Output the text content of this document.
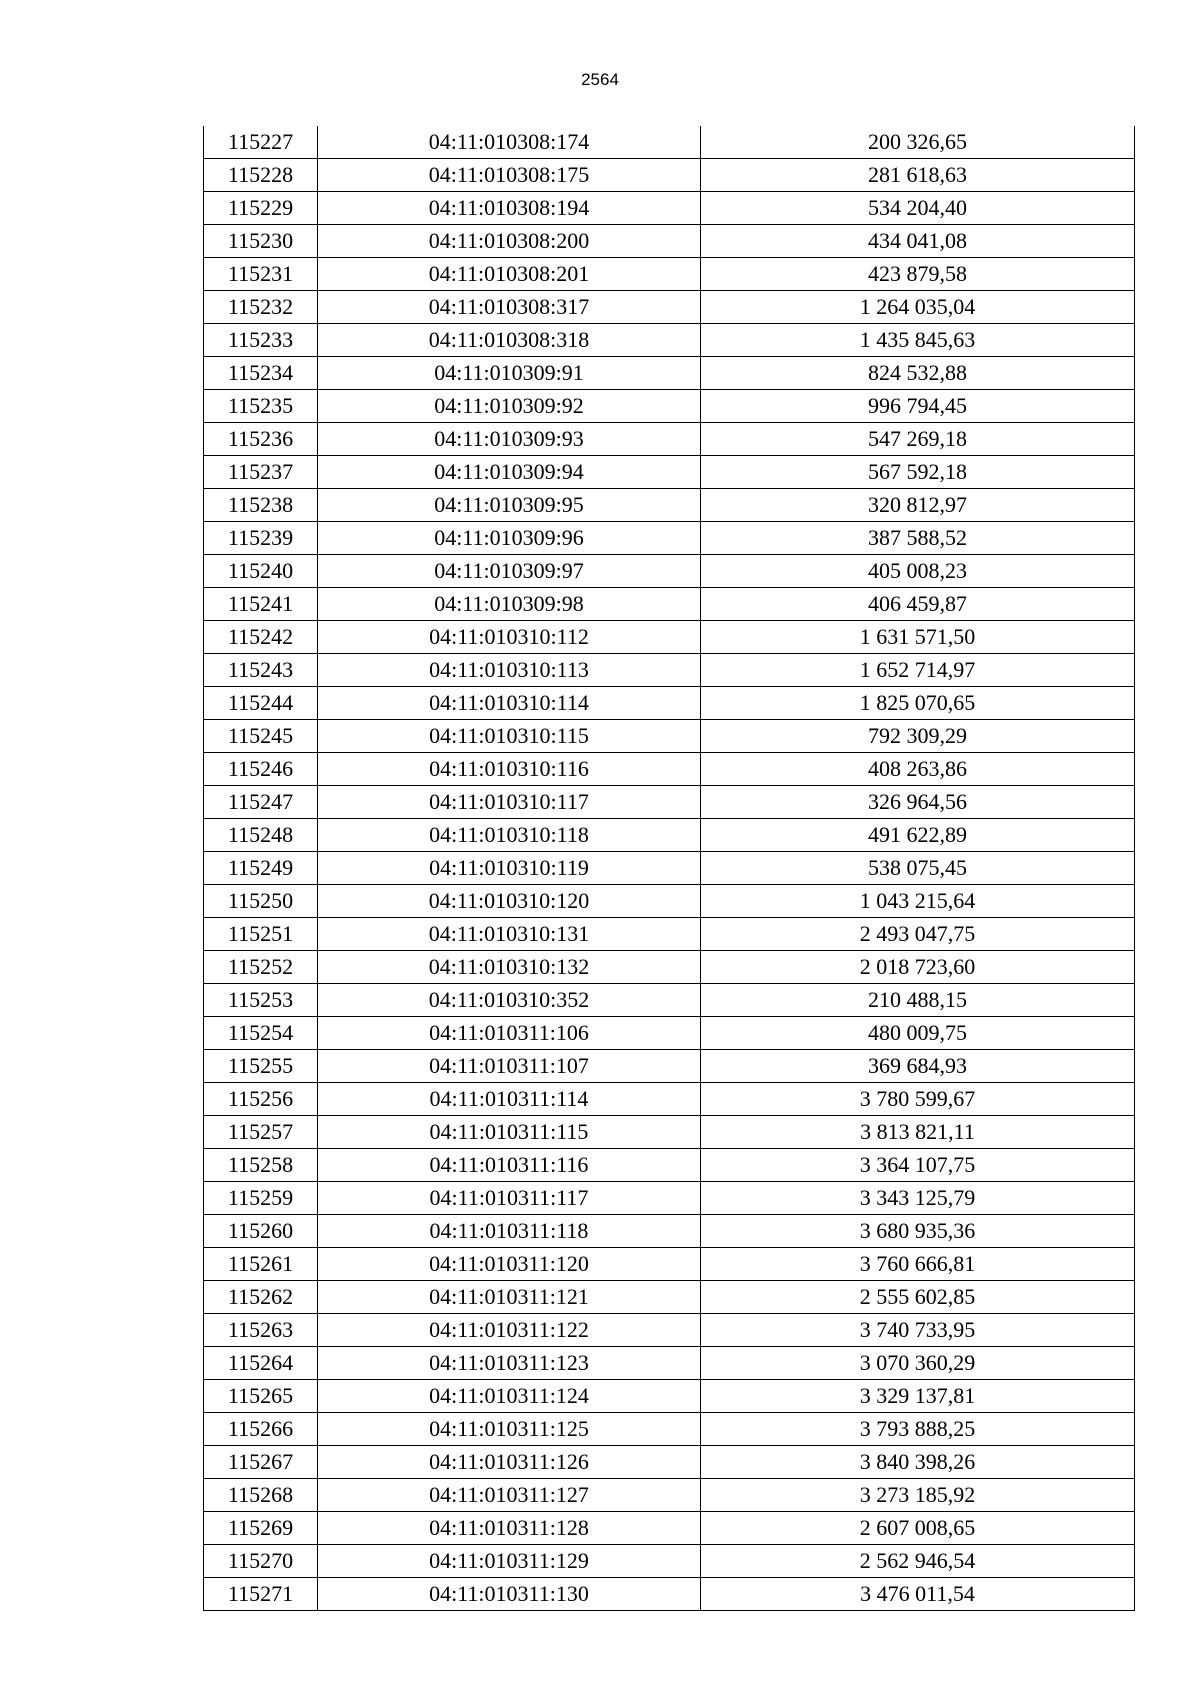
2564
115227	04:11:010308:174	200 326,65
115228	04:11:010308:175	281 618,63
115229	04:11:010308:194	534 204,40
115230	04:11:010308:200	434 041,08
115231	04:11:010308:201	423 879,58
115232	04:11:010308:317	1 264 035,04
115233	04:11:010308:318	1 435 845,63
115234	04:11:010309:91	824 532,88
115235	04:11:010309:92	996 794,45
115236	04:11:010309:93	547 269,18
115237	04:11:010309:94	567 592,18
115238	04:11:010309:95	320 812,97
115239	04:11:010309:96	387 588,52
115240	04:11:010309:97	405 008,23
115241	04:11:010309:98	406 459,87
115242	04:11:010310:112	1 631 571,50
115243	04:11:010310:113	1 652 714,97
115244	04:11:010310:114	1 825 070,65
115245	04:11:010310:115	792 309,29
115246	04:11:010310:116	408 263,86
115247	04:11:010310:117	326 964,56
115248	04:11:010310:118	491 622,89
115249	04:11:010310:119	538 075,45
115250	04:11:010310:120	1 043 215,64
115251	04:11:010310:131	2 493 047,75
115252	04:11:010310:132	2 018 723,60
115253	04:11:010310:352	210 488,15
115254	04:11:010311:106	480 009,75
115255	04:11:010311:107	369 684,93
115256	04:11:010311:114	3 780 599,67
115257	04:11:010311:115	3 813 821,11
115258	04:11:010311:116	3 364 107,75
115259	04:11:010311:117	3 343 125,79
115260	04:11:010311:118	3 680 935,36
115261	04:11:010311:120	3 760 666,81
115262	04:11:010311:121	2 555 602,85
115263	04:11:010311:122	3 740 733,95
115264	04:11:010311:123	3 070 360,29
115265	04:11:010311:124	3 329 137,81
115266	04:11:010311:125	3 793 888,25
115267	04:11:010311:126	3 840 398,26
115268	04:11:010311:127	3 273 185,92
115269	04:11:010311:128	2 607 008,65
115270	04:11:010311:129	2 562 946,54
115271	04:11:010311:130	3 476 011,54
